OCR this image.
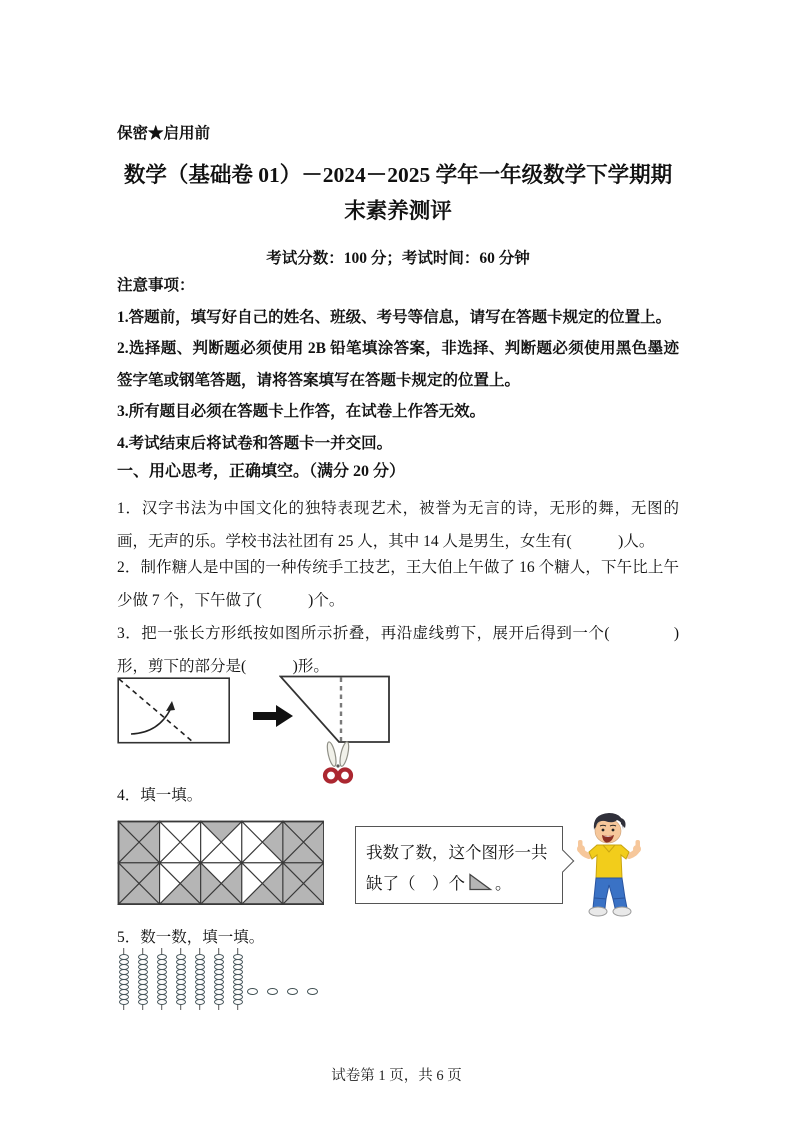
保密★启用前
数学（基础卷 01）－2024－2025 学年一年级数学下学期期
末素养测评
考试分数：100 分；考试时间：60 分钟
注意事项：
1.答题前，填写好自己的姓名、班级、考号等信息，请写在答题卡规定的位置上。
2.选择题、判断题必须使用 2B 铅笔填涂答案，非选择、判断题必须使用黑色墨迹签字笔或钢笔答题，请将答案填写在答题卡规定的位置上。
3.所有题目必须在答题卡上作答，在试卷上作答无效。
4.考试结束后将试卷和答题卡一并交回。
一、用心思考，正确填空。（满分 20 分）
1．汉字书法为中国文化的独特表现艺术，被誉为无言的诗，无形的舞，无图的画，无声的乐。学校书法社团有 25 人，其中 14 人是男生，女生有(　　　)人。
2．制作糖人是中国的一种传统手工技艺，王大伯上午做了 16 个糖人，下午比上午少做 7 个，下午做了(　　　)个。
3．把一张长方形纸按如图所示折叠，再沿虚线剪下，展开后得到一个(　　　　)形，剪下的部分是(　　　)形。
4．填一填。
我数了数，这个图形一共
缺了（　）个 。
5．数一数，填一填。
试卷第 1 页，共 6 页
